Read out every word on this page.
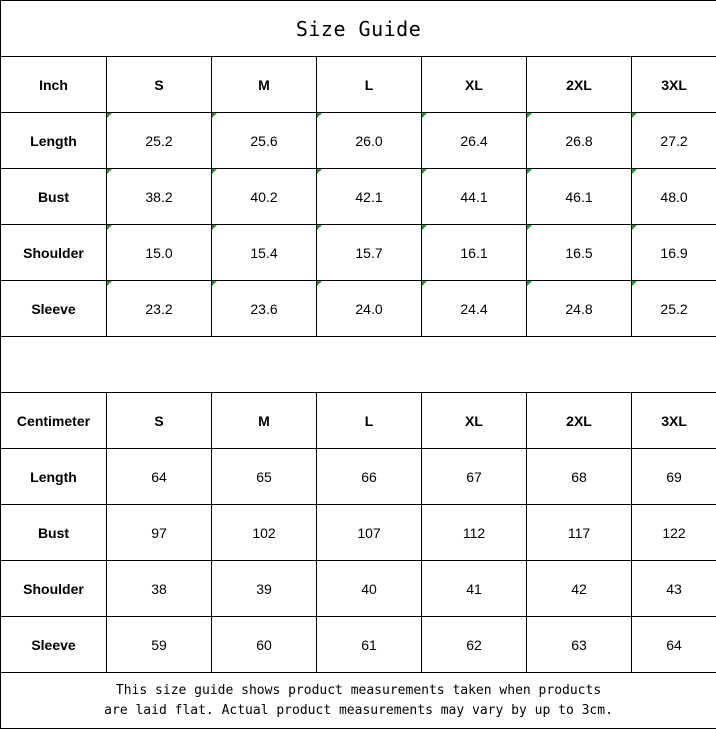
Size Guide						
Inch	S	M	L	XL	2XL	3XL
Length	25.2	25.6	26.0	26.4	26.8	27.2
Bust	38.2	40.2	42.1	44.1	46.1	48.0
Shoulder	15.0	15.4	15.7	16.1	16.5	16.9
Sleeve	23.2	23.6	24.0	24.4	24.8	25.2

Centimeter	S	M	L	XL	2XL	3XL
Length	64	65	66	67	68	69
Bust	97	102	107	112	117	122
Shoulder	38	39	40	41	42	43
Sleeve	59	60	61	62	63	64

This size guide shows product measurements taken when products
are laid flat. Actual product measurements may vary by up to 3cm.						
